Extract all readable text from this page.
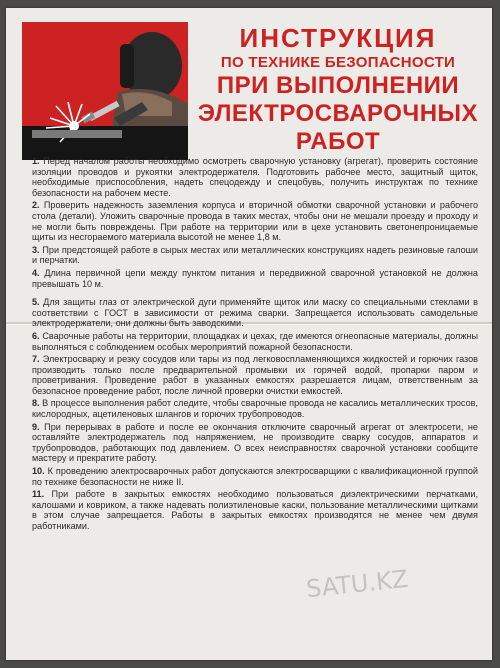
ИНСТРУКЦИЯ
ПО ТЕХНИКЕ БЕЗОПАСНОСТИ
ПРИ ВЫПОЛНЕНИИ
ЭЛЕКТРОСВАРОЧНЫХ
РАБОТ

1. Перед началом работы необходимо осмотреть сварочную установку (агрегат), проверить состояние изоляции проводов и рукоятки электродержателя. Подготовить рабочее место, защитный щиток, необходимые приспособления, надеть спецодежду и спецобувь, получить инструктаж по технике безопасности на рабочем месте.

2. Проверить надежность заземления корпуса и вторичной обмотки сварочной установки и рабочего стола (детали). Уложить сварочные провода в таких местах, чтобы они не мешали проезду и проходу и не могли быть повреждены. При работе на территории или в цехе установить светонепроницаемые щиты из несгораемого материала высотой не менее 1,8 м.

3. При предстоящей работе в сырых местах или металлических конструкциях надеть резиновые галоши и перчатки.

4. Длина первичной цепи между пунктом питания и передвижной сварочной установкой не должна превышать 10 м.

5. Для защиты глаз от электрической дуги применяйте щиток или маску со специальными стеклами в соответствии с ГОСТ в зависимости от режима сварки. Запрещается использовать самодельные электродержатели, они должны быть заводскими.

6. Сварочные работы на территории, площадках и цехах, где имеются огнеопасные материалы, должны выполняться с соблюдением особых мероприятий пожарной безопасности.

7. Электросварку и резку сосудов или тары из под легковоспламеняющихся жидкостей и горючих газов производить только после предварительной промывки их горячей водой, пропарки паром и проветривания. Проведение работ в указанных емкостях разрешается лицам, ответственным за безопасное проведение работ, после личной проверки очистки емкостей.

8. В процессе выполнения работ следите, чтобы сварочные провода не касались металлических тросов, кислородных, ацетиленовых шлангов и горючих трубопроводов.

9. При перерывах в работе и после ее окончания отключите сварочный агрегат от электросети, не оставляйте электродержатель под напряжением, не производите сварку сосудов, аппаратов и трубопроводов, работающих под давлением. О всех неисправностях сварочной установки сообщите мастеру и прекратите работу.

10. К проведению электросварочных работ допускаются электросварщики с квалификационной группой по технике безопасности не ниже II.

11. При работе в закрытых емкостях необходимо пользоваться диэлектрическими перчатками, калошами и ковриком, а также надевать полиэтиленовые каски, пользование металлическими щитками в этом случае запрещается. Работы в закрытых емкостях производятся не менее чем двумя работниками.

SATU.KZ
